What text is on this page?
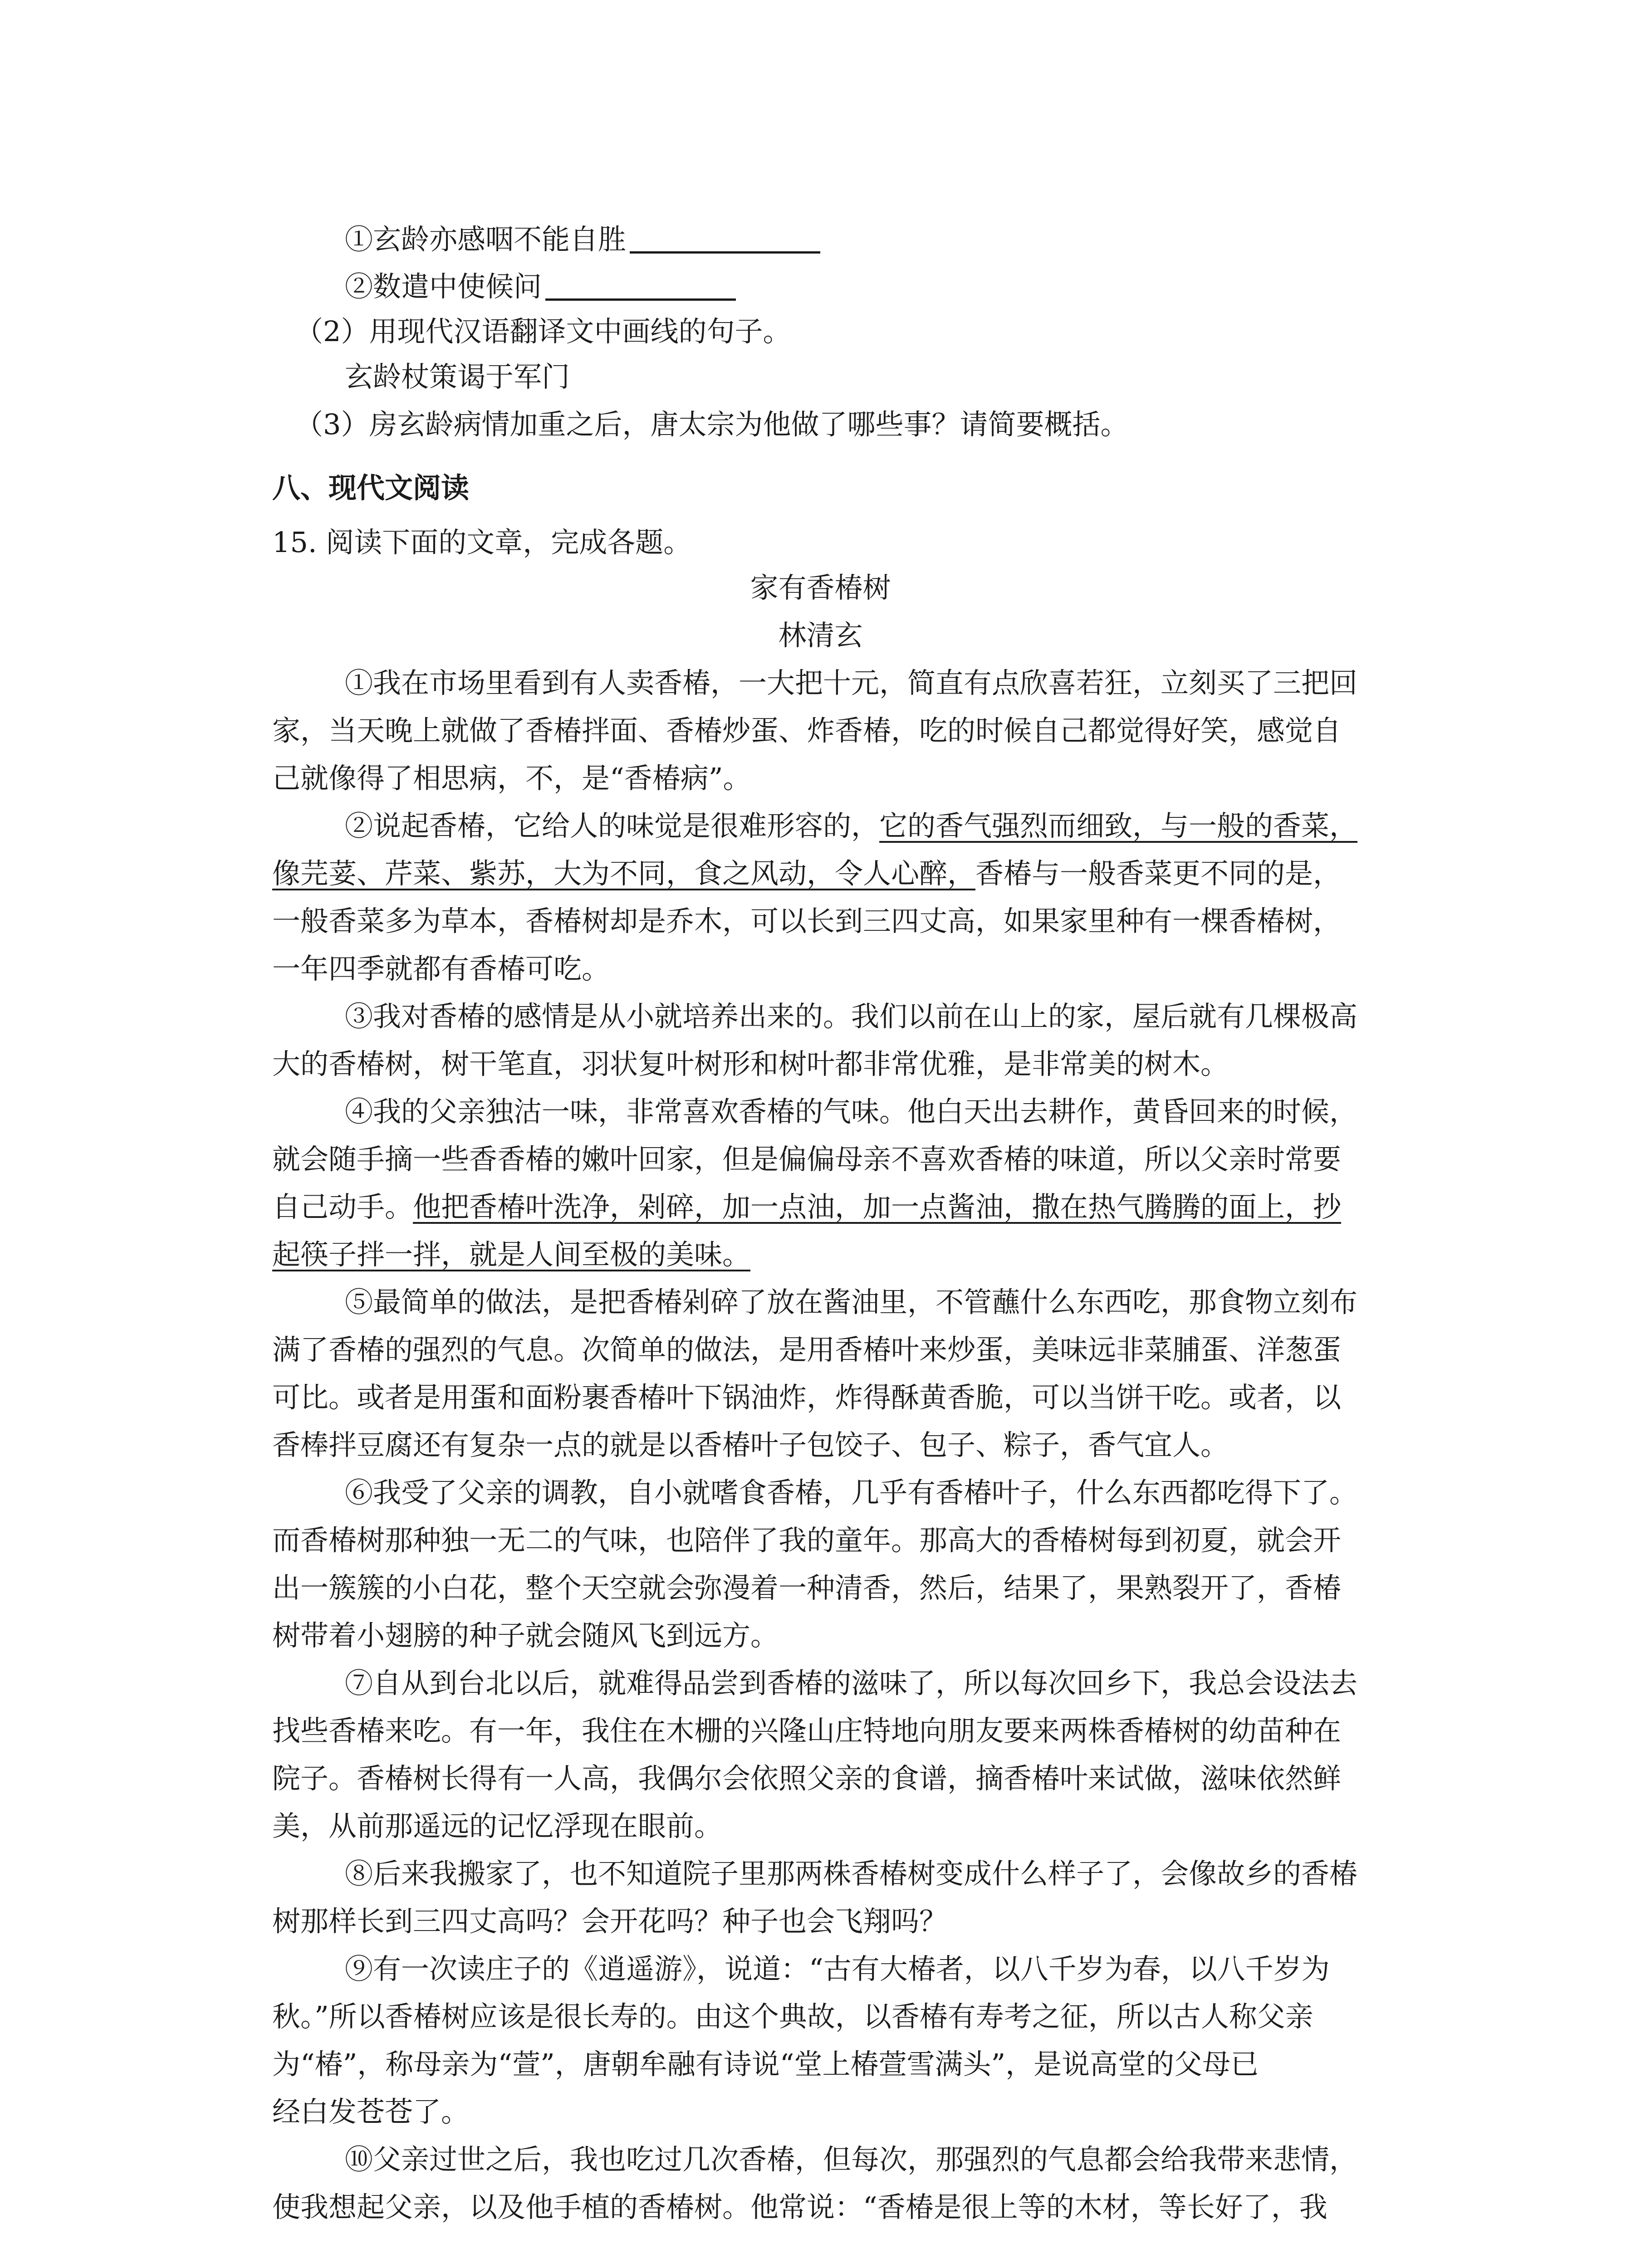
①玄龄亦感咽不能自胜
②数遣中使候问
（2）用现代汉语翻译文中画线的句子。
玄龄杖策谒于军门
（3）房玄龄病情加重之后，唐太宗为他做了哪些事？请简要概括。
八、现代文阅读
15. 阅读下面的文章，完成各题。
家有香椿树
林清玄
①我在市场里看到有人卖香椿，一大把十元，简直有点欣喜若狂，立刻买了三把回
家，当天晚上就做了香椿拌面、香椿炒蛋、炸香椿，吃的时候自己都觉得好笑，感觉自
己就像得了相思病，不，是“香椿病”。
②说起香椿，它给人的味觉是很难形容的，它的香气强烈而细致，与一般的香菜，
像芫荽、芹菜、紫苏，大为不同，食之风动，令人心醉，香椿与一般香菜更不同的是，
一般香菜多为草本，香椿树却是乔木，可以长到三四丈高，如果家里种有一棵香椿树，
一年四季就都有香椿可吃。
③我对香椿的感情是从小就培养出来的。我们以前在山上的家，屋后就有几棵极高
大的香椿树，树干笔直，羽状复叶树形和树叶都非常优雅，是非常美的树木。
④我的父亲独沽一味，非常喜欢香椿的气味。他白天出去耕作，黄昏回来的时候，
就会随手摘一些香香椿的嫩叶回家，但是偏偏母亲不喜欢香椿的味道，所以父亲时常要
自己动手。他把香椿叶洗净，剁碎，加一点油，加一点酱油，撒在热气腾腾的面上，抄
起筷子拌一拌，就是人间至极的美味。
⑤最简单的做法，是把香椿剁碎了放在酱油里，不管蘸什么东西吃，那食物立刻布
满了香椿的强烈的气息。次简单的做法，是用香椿叶来炒蛋，美味远非菜脯蛋、洋葱蛋
可比。或者是用蛋和面粉裹香椿叶下锅油炸，炸得酥黄香脆，可以当饼干吃。或者，以
香棒拌豆腐还有复杂一点的就是以香椿叶子包饺子、包子、粽子，香气宜人。
⑥我受了父亲的调教，自小就嗜食香椿，几乎有香椿叶子，什么东西都吃得下了。
而香椿树那种独一无二的气味，也陪伴了我的童年。那高大的香椿树每到初夏，就会开
出一簇簇的小白花，整个天空就会弥漫着一种清香，然后，结果了，果熟裂开了，香椿
树带着小翅膀的种子就会随风飞到远方。
⑦自从到台北以后，就难得品尝到香椿的滋味了，所以每次回乡下，我总会设法去
找些香椿来吃。有一年，我住在木栅的兴隆山庄特地向朋友要来两株香椿树的幼苗种在
院子。香椿树长得有一人高，我偶尔会依照父亲的食谱，摘香椿叶来试做，滋味依然鲜
美，从前那遥远的记忆浮现在眼前。
⑧后来我搬家了，也不知道院子里那两株香椿树变成什么样子了，会像故乡的香椿
树那样长到三四丈高吗？会开花吗？种子也会飞翔吗？
⑨有一次读庄子的《逍遥游》，说道：“古有大椿者，以八千岁为春，以八千岁为
秋。”所以香椿树应该是很长寿的。由这个典故，以香椿有寿考之征，所以古人称父亲
为“椿”，称母亲为“萱”，唐朝牟融有诗说“堂上椿萱雪满头”，是说高堂的父母已
经白发苍苍了。
⑩父亲过世之后，我也吃过几次香椿，但每次，那强烈的气息都会给我带来悲情，
使我想起父亲，以及他手植的香椿树。他常说：“香椿是很上等的木材，等长好了，我
